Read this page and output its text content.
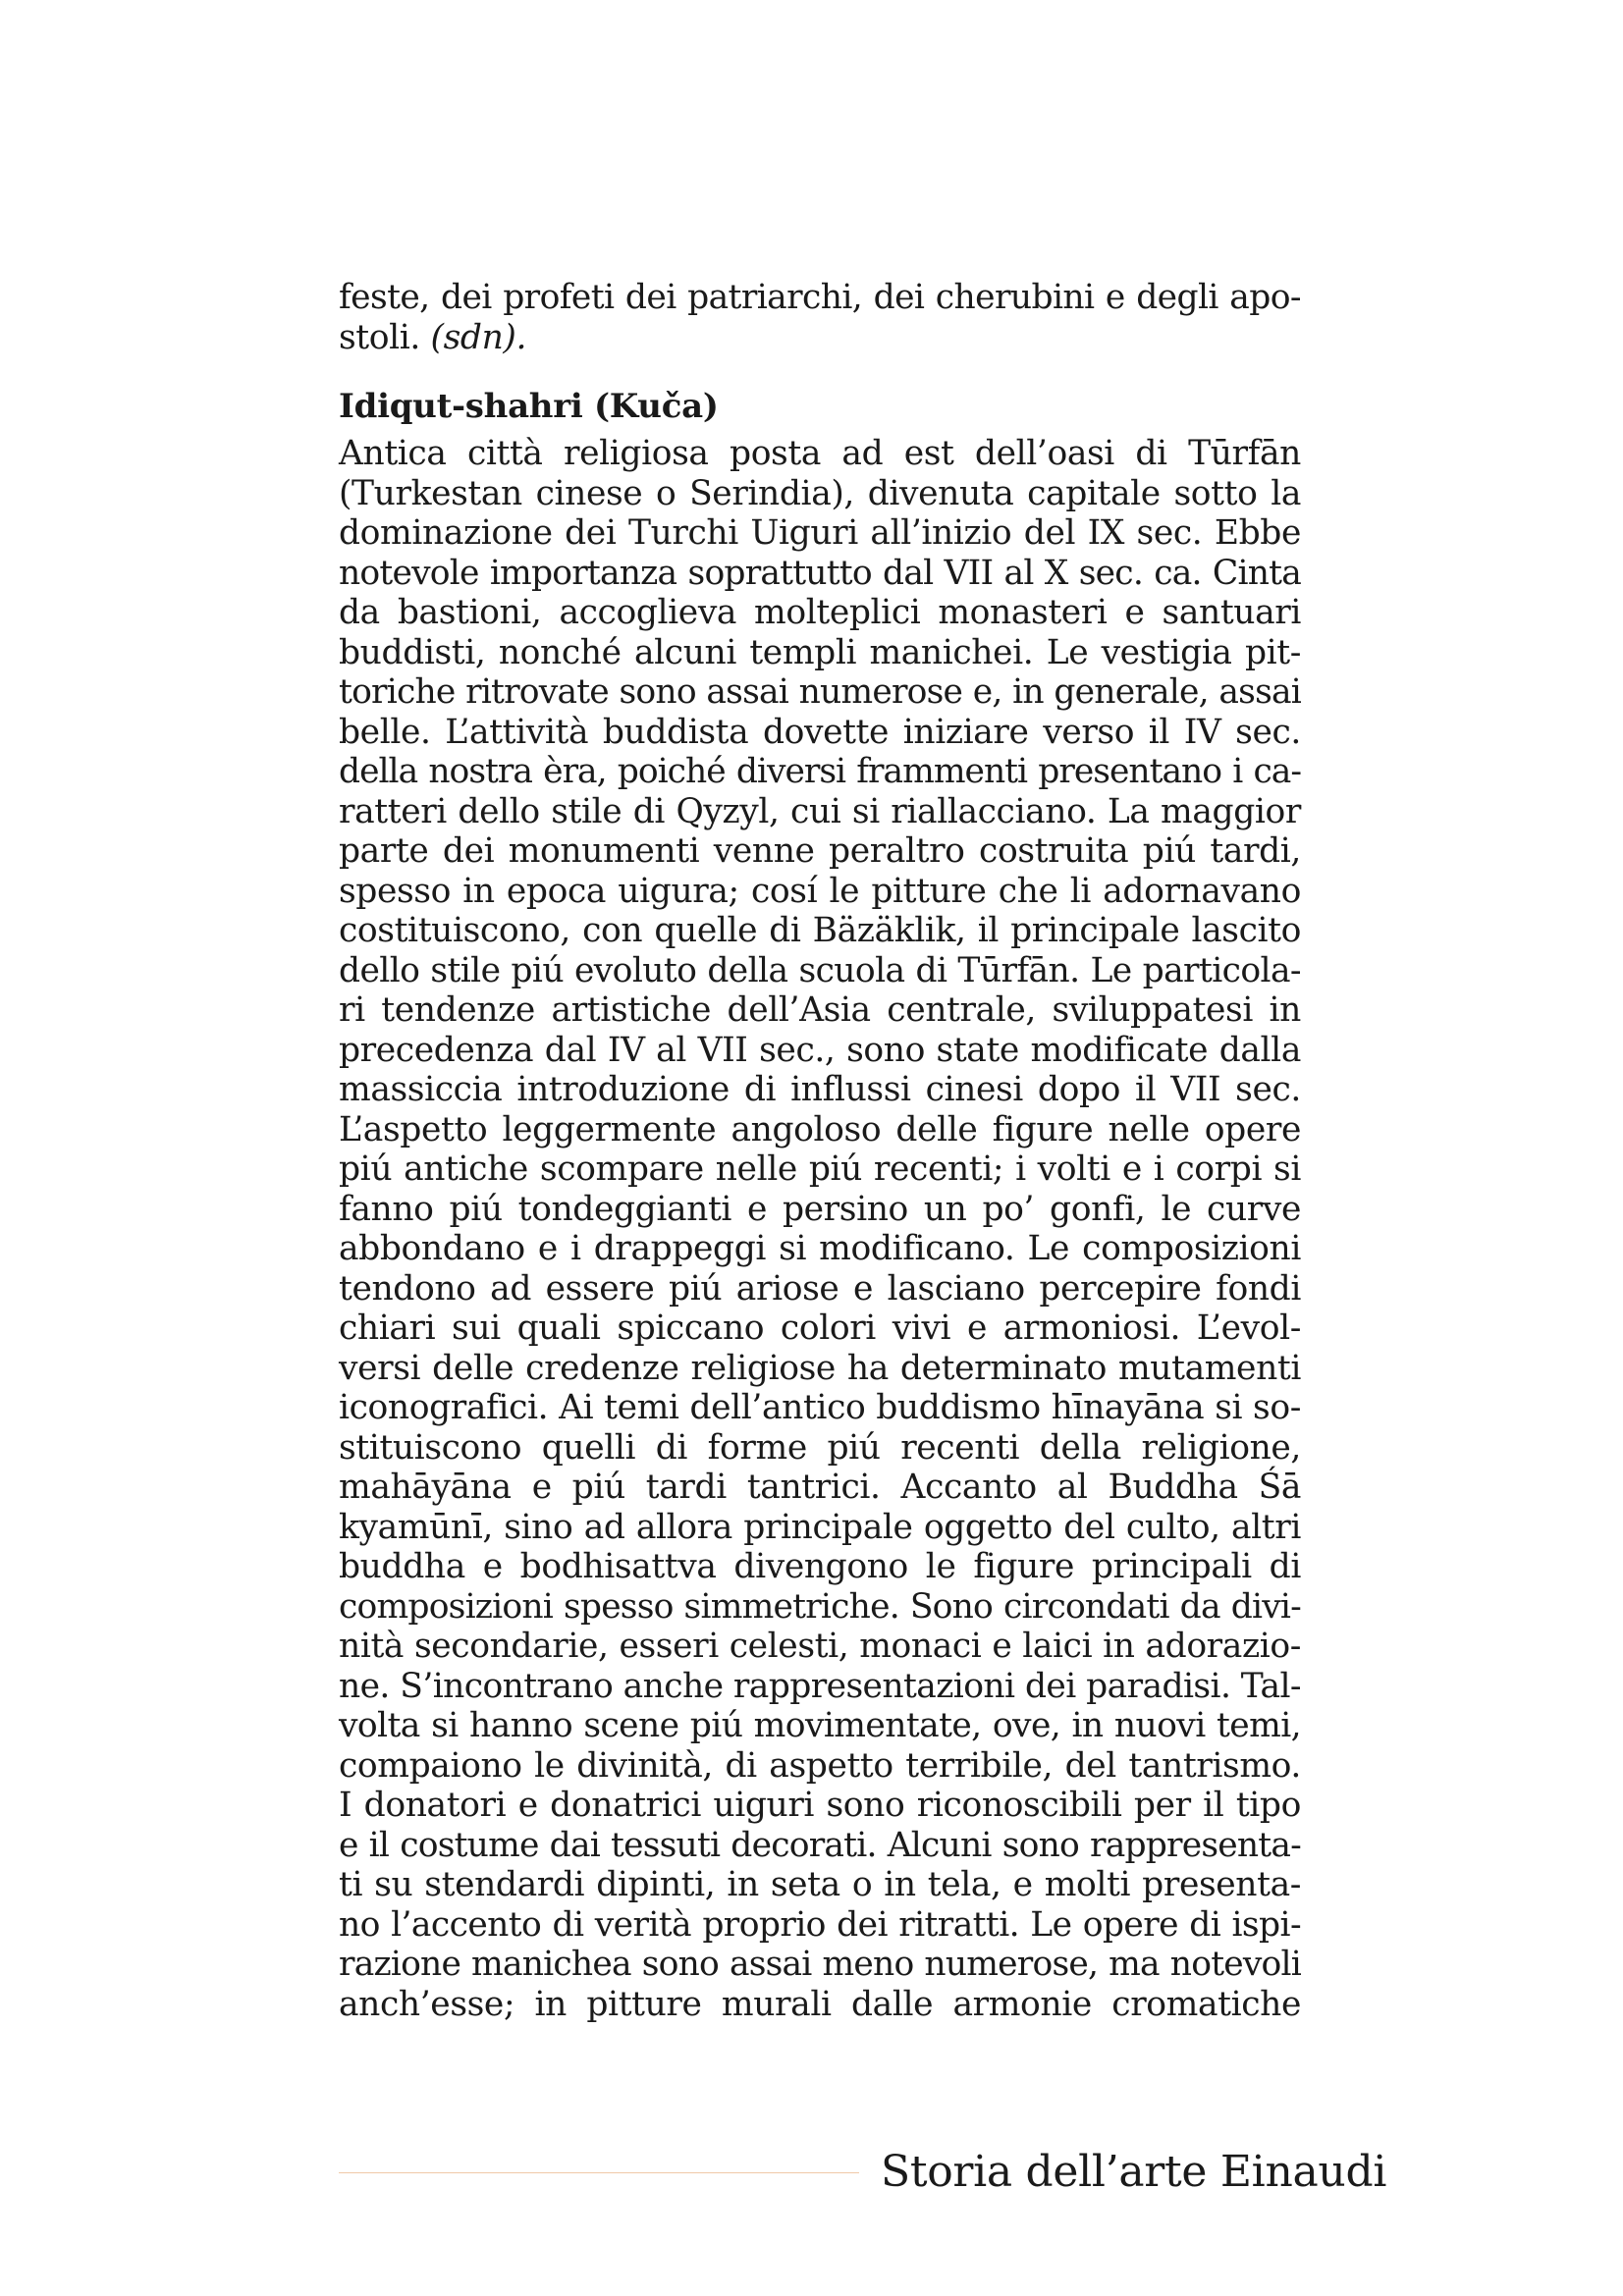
feste, dei profeti dei patriarchi, dei cherubini e degli apo-
stoli. (sdn).
Idiqut-shahri (Kuča)
Antica città religiosa posta ad est dell’oasi di Tūrfān
(Turkestan cinese o Serindia), divenuta capitale sotto la
dominazione dei Turchi Uiguri all’inizio del IX sec. Ebbe
notevole importanza soprattutto dal VII al X sec. ca. Cinta
da bastioni, accoglieva molteplici monasteri e santuari
buddisti, nonché alcuni templi manichei. Le vestigia pit-
toriche ritrovate sono assai numerose e, in generale, assai
belle. L’attività buddista dovette iniziare verso il IV sec.
della nostra èra, poiché diversi frammenti presentano i ca-
ratteri dello stile di Qyzyl, cui si riallacciano. La maggior
parte dei monumenti venne peraltro costruita piú tardi,
spesso in epoca uigura; cosí le pitture che li adornavano
costituiscono, con quelle di Bäzäklik, il principale lascito
dello stile piú evoluto della scuola di Tūrfān. Le particola-
ri tendenze artistiche dell’Asia centrale, sviluppatesi in
precedenza dal IV al VII sec., sono state modificate dalla
massiccia introduzione di influssi cinesi dopo il VII sec.
L’aspetto leggermente angoloso delle figure nelle opere
piú antiche scompare nelle piú recenti; i volti e i corpi si
fanno piú tondeggianti e persino un po’ gonfi, le curve
abbondano e i drappeggi si modificano. Le composizioni
tendono ad essere piú ariose e lasciano percepire fondi
chiari sui quali spiccano colori vivi e armoniosi. L’evol-
versi delle credenze religiose ha determinato mutamenti
iconografici. Ai temi dell’antico buddismo hīnayāna si so-
stituiscono quelli di forme piú recenti della religione,
mahāyāna e piú tardi tantrici. Accanto al Buddha Śā
kyamūnī, sino ad allora principale oggetto del culto, altri
buddha e bodhisattva divengono le figure principali di
composizioni spesso simmetriche. Sono circondati da divi-
nità secondarie, esseri celesti, monaci e laici in adorazio-
ne. S’incontrano anche rappresentazioni dei paradisi. Tal-
volta si hanno scene piú movimentate, ove, in nuovi temi,
compaiono le divinità, di aspetto terribile, del tantrismo.
I donatori e donatrici uiguri sono riconoscibili per il tipo
e il costume dai tessuti decorati. Alcuni sono rappresenta-
ti su stendardi dipinti, in seta o in tela, e molti presenta-
no l’accento di verità proprio dei ritratti. Le opere di ispi-
razione manichea sono assai meno numerose, ma notevoli
anch’esse; in pitture murali dalle armonie cromatiche
Storia dell’arte Einaudi
